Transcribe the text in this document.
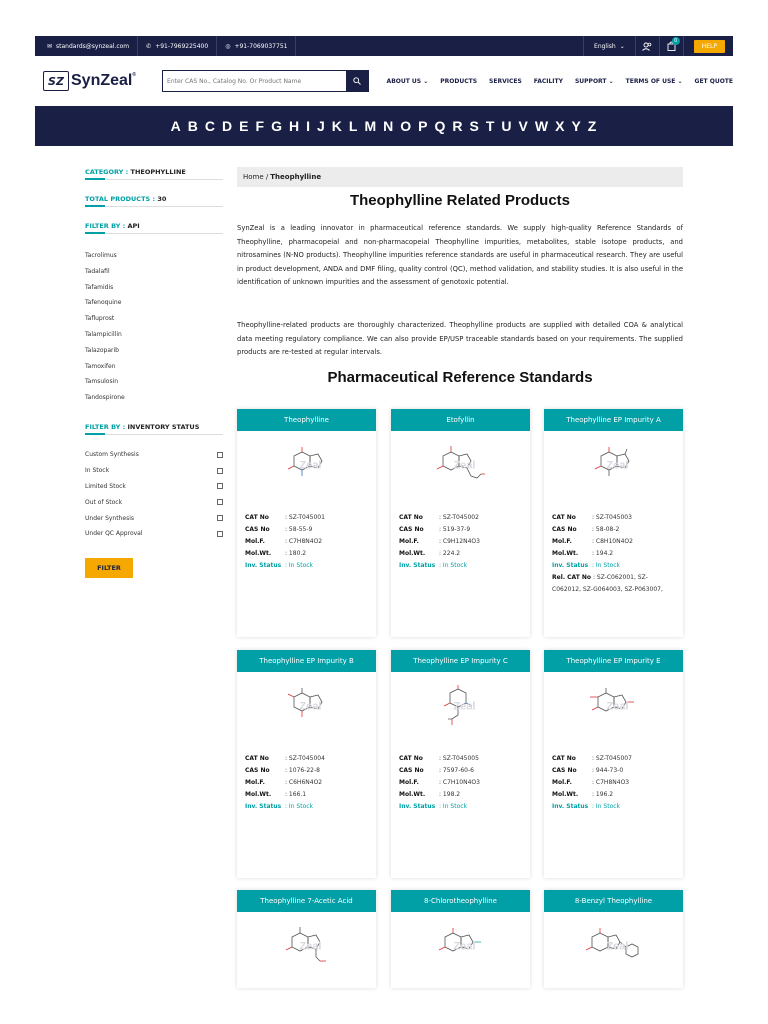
✉ standards@synzeal.com	✆ +91-7969225400	◎ +91-7069037751	English ⌄
0
HELP
SZ SynZeal®
Enter CAS No., Catalog No. Or Product Name
ABOUT US ⌄ PRODUCTS SERVICES FACILITY SUPPORT ⌄ TERMS OF USE ⌄ GET QUOTE
A B C D E F G H I J K L M N O P Q R S T U V W X Y Z
CATEGORY : THEOPHYLLINE
TOTAL PRODUCTS : 30
FILTER BY : API
Tacrolimus
Tadalafil
Tafamidis
Tafenoquine
Tafluprost
Talampicillin
Talazoparib
Tamoxifen
Tamsulosin
Tandospirone
FILTER BY : INVENTORY STATUS
Custom Synthesis
In Stock
Limited Stock
Out of Stock
Under Synthesis
Under QC Approval
FILTER
Home
/ Theophylline
Theophylline Related Products
SynZeal is a leading innovator in pharmaceutical reference standards. We supply high-quality Reference Standards of Theophylline, pharmacopeial and non-pharmacopeial Theophylline impurities, metabolites, stable isotope products, and nitrosamines (N-NO products). Theophylline impurities reference standards are useful in pharmaceutical research. They are useful in product development, ANDA and DMF filing, quality control (QC), method validation, and stability studies. It is also useful in the identification of unknown impurities and the assessment of genotoxic potential.
Theophylline-related products are thoroughly characterized. Theophylline products are supplied with detailed COA & analytical data meeting regulatory compliance. We can also provide EP/USP traceable standards based on your requirements. The supplied products are re-tested at regular intervals.
Pharmaceutical Reference Standards
Theophylline
Zeal
CAT No	: SZ-T045001
CAS No	: 58-55-9
Mol.F.	: C7H8N4O2
Mol.Wt.	: 180.2
Inv. Status : In Stock
Etofyllin
Zeal
CAT No	: SZ-T045002
CAS No	: 519-37-9
Mol.F.	: C9H12N4O3
Mol.Wt.	: 224.2
Inv. Status : In Stock
Theophylline EP Impurity A
Zeal
CAT No	: SZ-T045003
CAS No	: 58-08-2
Mol.F.	: C8H10N4O2
Mol.Wt.	: 194.2
Inv. Status : In Stock
Rel. CAT No : SZ-C062001, SZ-C062012, SZ-G064003, SZ-P063007,
Theophylline EP Impurity B
Zeal
CAT No	: SZ-T045004
CAS No	: 1076-22-8
Mol.F.	: C6H6N4O2
Mol.Wt.	: 166.1
Inv. Status : In Stock
Theophylline EP Impurity C
Zeal
CAT No	: SZ-T045005
CAS No	: 7597-60-6
Mol.F.	: C7H10N4O3
Mol.Wt.	: 198.2
Inv. Status : In Stock
Theophylline EP Impurity E
Zeal
CAT No	: SZ-T045007
CAS No	: 944-73-0
Mol.F.	: C7H8N4O3
Mol.Wt.	: 196.2
Inv. Status : In Stock
Theophylline 7-Acetic Acid
Zeal
8-Chlorotheophylline
Zeal
8-Benzyl Theophylline
Zeal
